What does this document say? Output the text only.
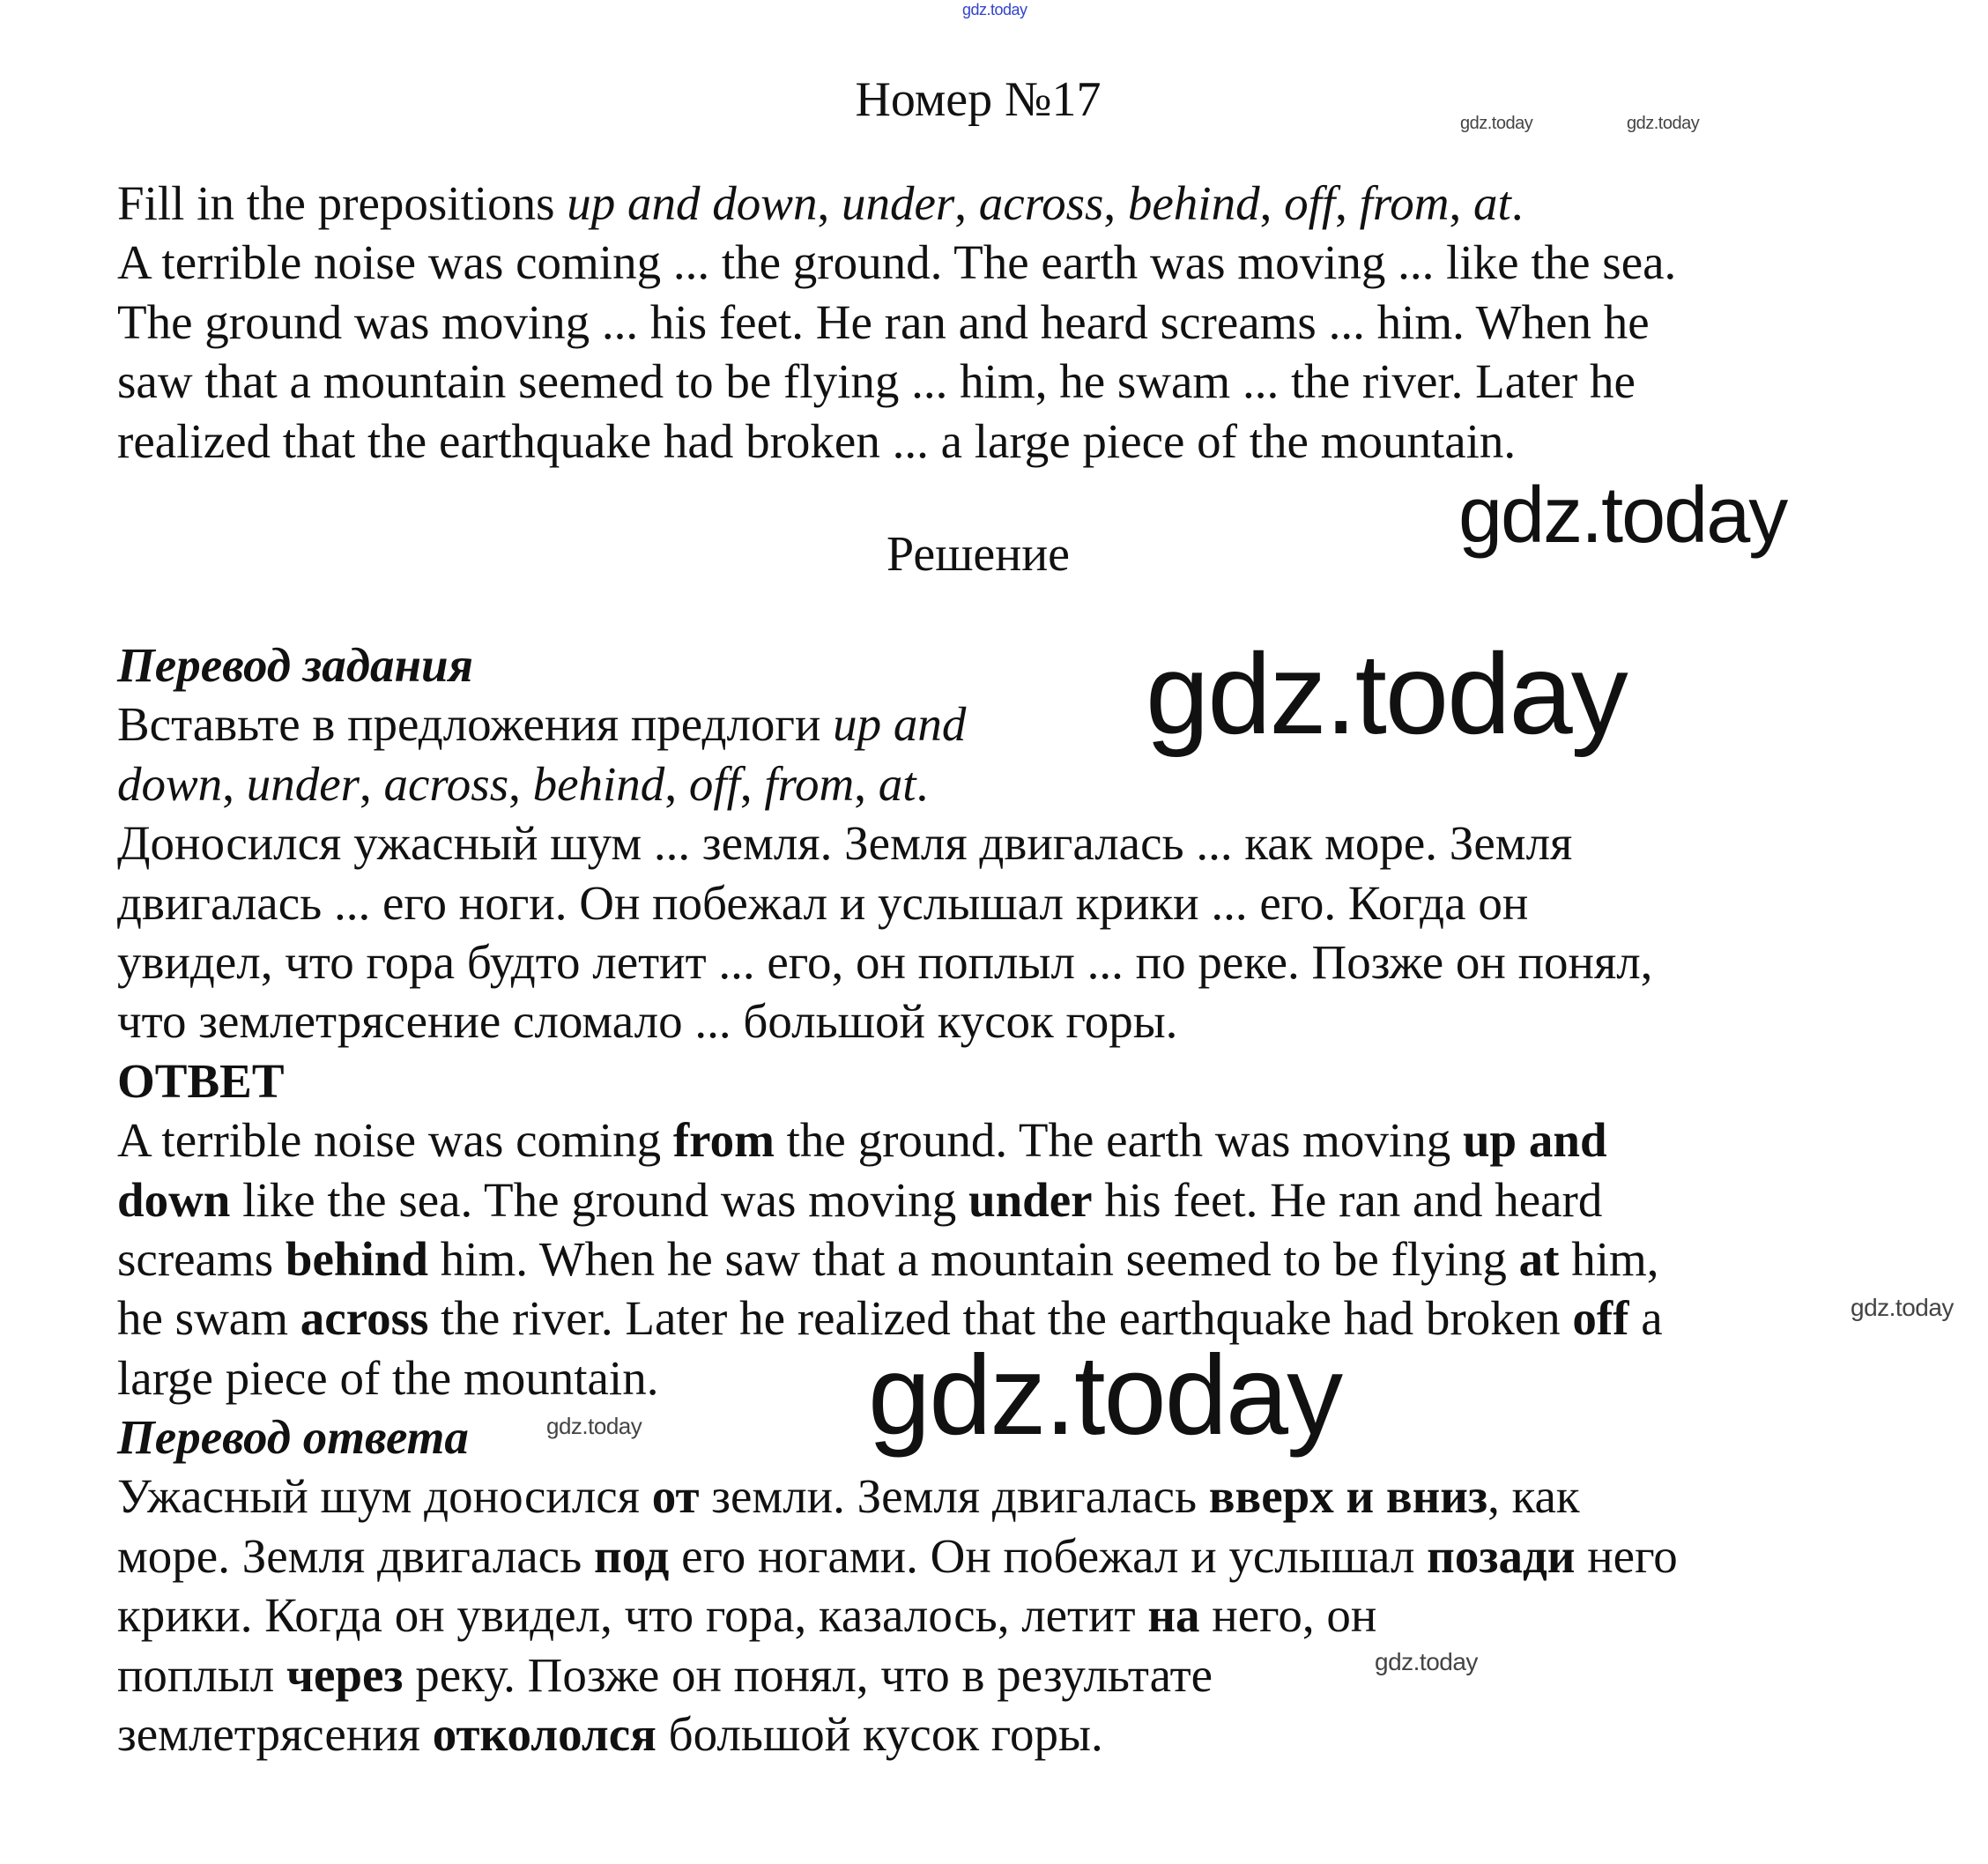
gdz.today
Номер №17	gdz.today	gdz.today
Fill in the prepositions up and down, under, across, behind, off, from, at.
A terrible noise was coming ... the ground. The earth was moving ... like the sea.
The ground was moving ... his feet. He ran and heard screams ... him. When he
saw that a mountain seemed to be flying ... him, he swam ... the river. Later he
realized that the earthquake had broken ... a large piece of the mountain.
gdz.today
Решение
Перевод задания
Вставьте в предложения предлоги up and
down, under, across, behind, off, from, at.
Доносился ужасный шум ... земля. Земля двигалась ... как море. Земля
двигалась ... его ноги. Он побежал и услышал крики ... его. Когда он
увидел, что гора будто летит ... его, он поплыл ... по реке. Позже он понял,
что землетрясение сломало ... большой кусок горы.
ОТВЕТ
A terrible noise was coming from the ground. The earth was moving up and
down like the sea. The ground was moving under his feet. He ran and heard
screams behind him. When he saw that a mountain seemed to be flying at him,
he swam across the river. Later he realized that the earthquake had broken off a
large piece of the mountain.
Перевод ответа
Ужасный шум доносился от земли. Земля двигалась вверх и вниз, как
море. Земля двигалась под его ногами. Он побежал и услышал позади него
крики. Когда он увидел, что гора, казалось, летит на него, он
поплыл через реку. Позже он понял, что в результате
землетрясения откололся большой кусок горы.
gdz.today
gdz.today
gdz.today
gdz.today
gdz.today
